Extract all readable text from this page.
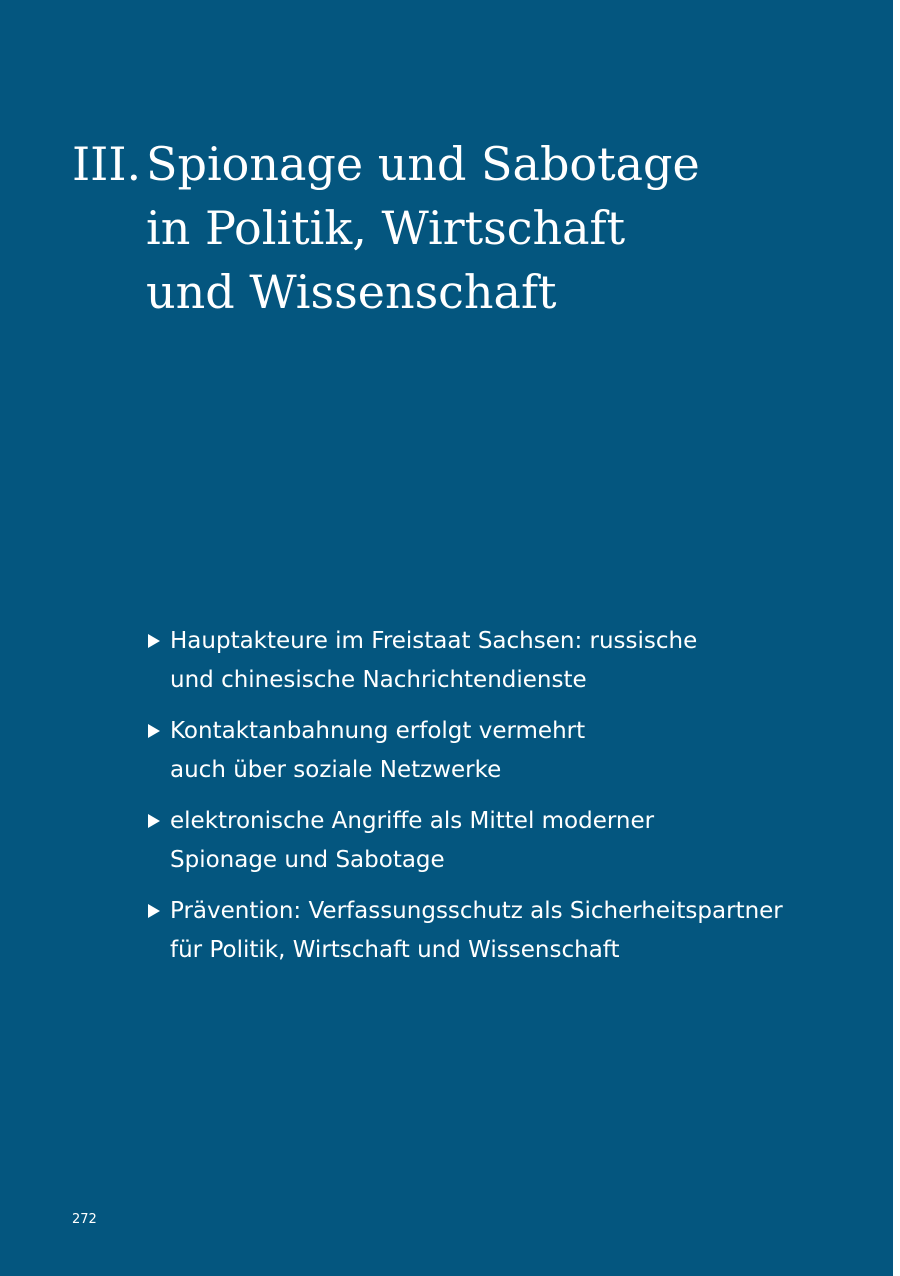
III. Spionage und Sabotage
in Politik, Wirtschaft
und Wissenschaft
Hauptakteure im Freistaat Sachsen: russische
und chinesische Nachrichtendienste
Kontaktanbahnung erfolgt vermehrt
auch über soziale Netzwerke
elektronische Angriffe als Mittel moderner
Spionage und Sabotage
Prävention: Verfassungsschutz als Sicherheitspartner
für Politik, Wirtschaft und Wissenschaft
272
